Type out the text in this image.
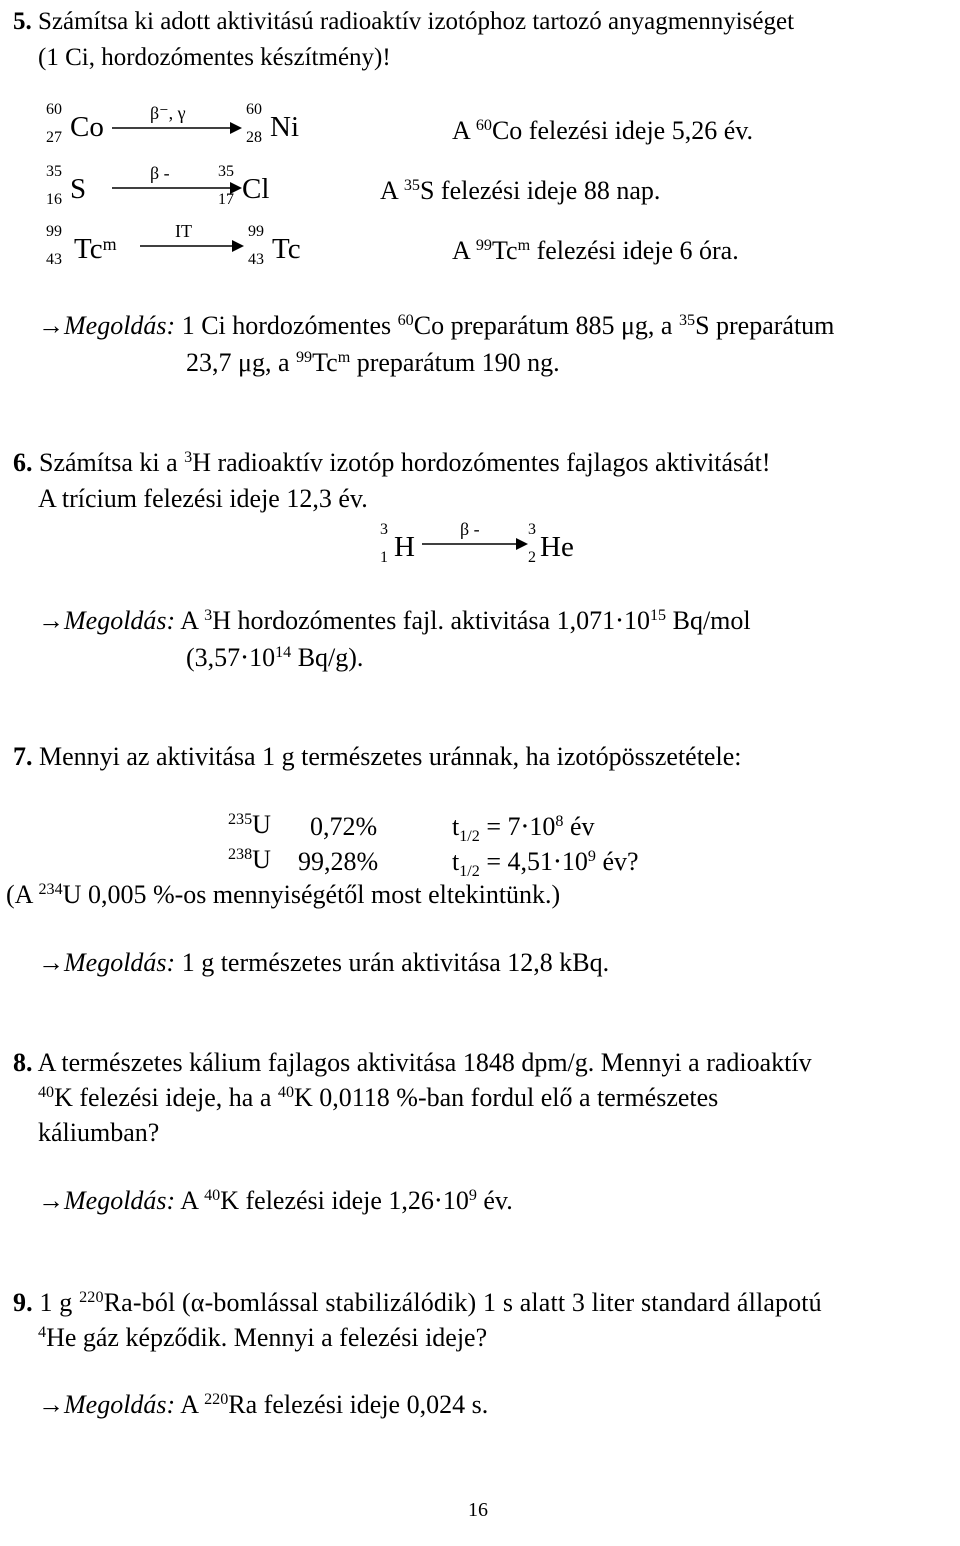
5. Számítsa ki adott aktivitású radioaktív izotóphoz tartozó anyagmennyiséget
(1 Ci, hordozómentes készítmény)!
60
27 Co	β⁻, γ	60
28 Ni	A $^{60}$Co felezési ideje 5,26 év.
35
16 S	β -	35
17 Cl	A $^{35}$S felezési ideje 88 nap.
99
43 Tc$^m$
IT	99
43 Tc	A $^{99}$Tc$^m$ felezési ideje 6 óra.
→Megoldás: 1 Ci hordozómentes $^{60}$Co preparátum 885 μg, a $^{35}$S preparátum
23,7 μg, a $^{99}$Tc$^m$ preparátum 190 ng.
6. Számítsa ki a $^3$H radioaktív izotóp hordozómentes fajlagos aktivitását!
A trícium felezési ideje 12,3 év.
3
1 H
β -	3
2 He
→Megoldás: A $^3$H hordozómentes fajl. aktivitása $1,071\cdot 10^{15}$ Bq/mol
($3,57\cdot 10^{14}$ Bq/g).
7. Mennyi az aktivitása 1 g természetes uránnak, ha izotópösszetétele:
$^{235}$U 0,72%	$t_{1/2} = 7\cdot 10^8$ év
$^{238}$U 99,28%	$t_{1/2} = 4,51\cdot 10^9$ év?
(A $^{234}$U 0,005 %-os mennyiségétől most eltekintünk.)
→Megoldás: 1 g természetes urán aktivitása 12,8 kBq.
8. A természetes kálium fajlagos aktivitása 1848 dpm/g. Mennyi a radioaktív
$^{40}$K felezési ideje, ha a $^{40}$K 0,0118 %-ban fordul elő a természetes
káliumban?
→Megoldás: A $^{40}$K felezési ideje $1,26\cdot 10^9$ év.
9. 1 g $^{220}$Ra-ból (α-bomlással stabilizálódik) 1 s alatt 3 liter standard állapotú
$^4$He gáz képződik. Mennyi a felezési ideje?
→Megoldás: A $^{220}$Ra felezési ideje 0,024 s.
16
